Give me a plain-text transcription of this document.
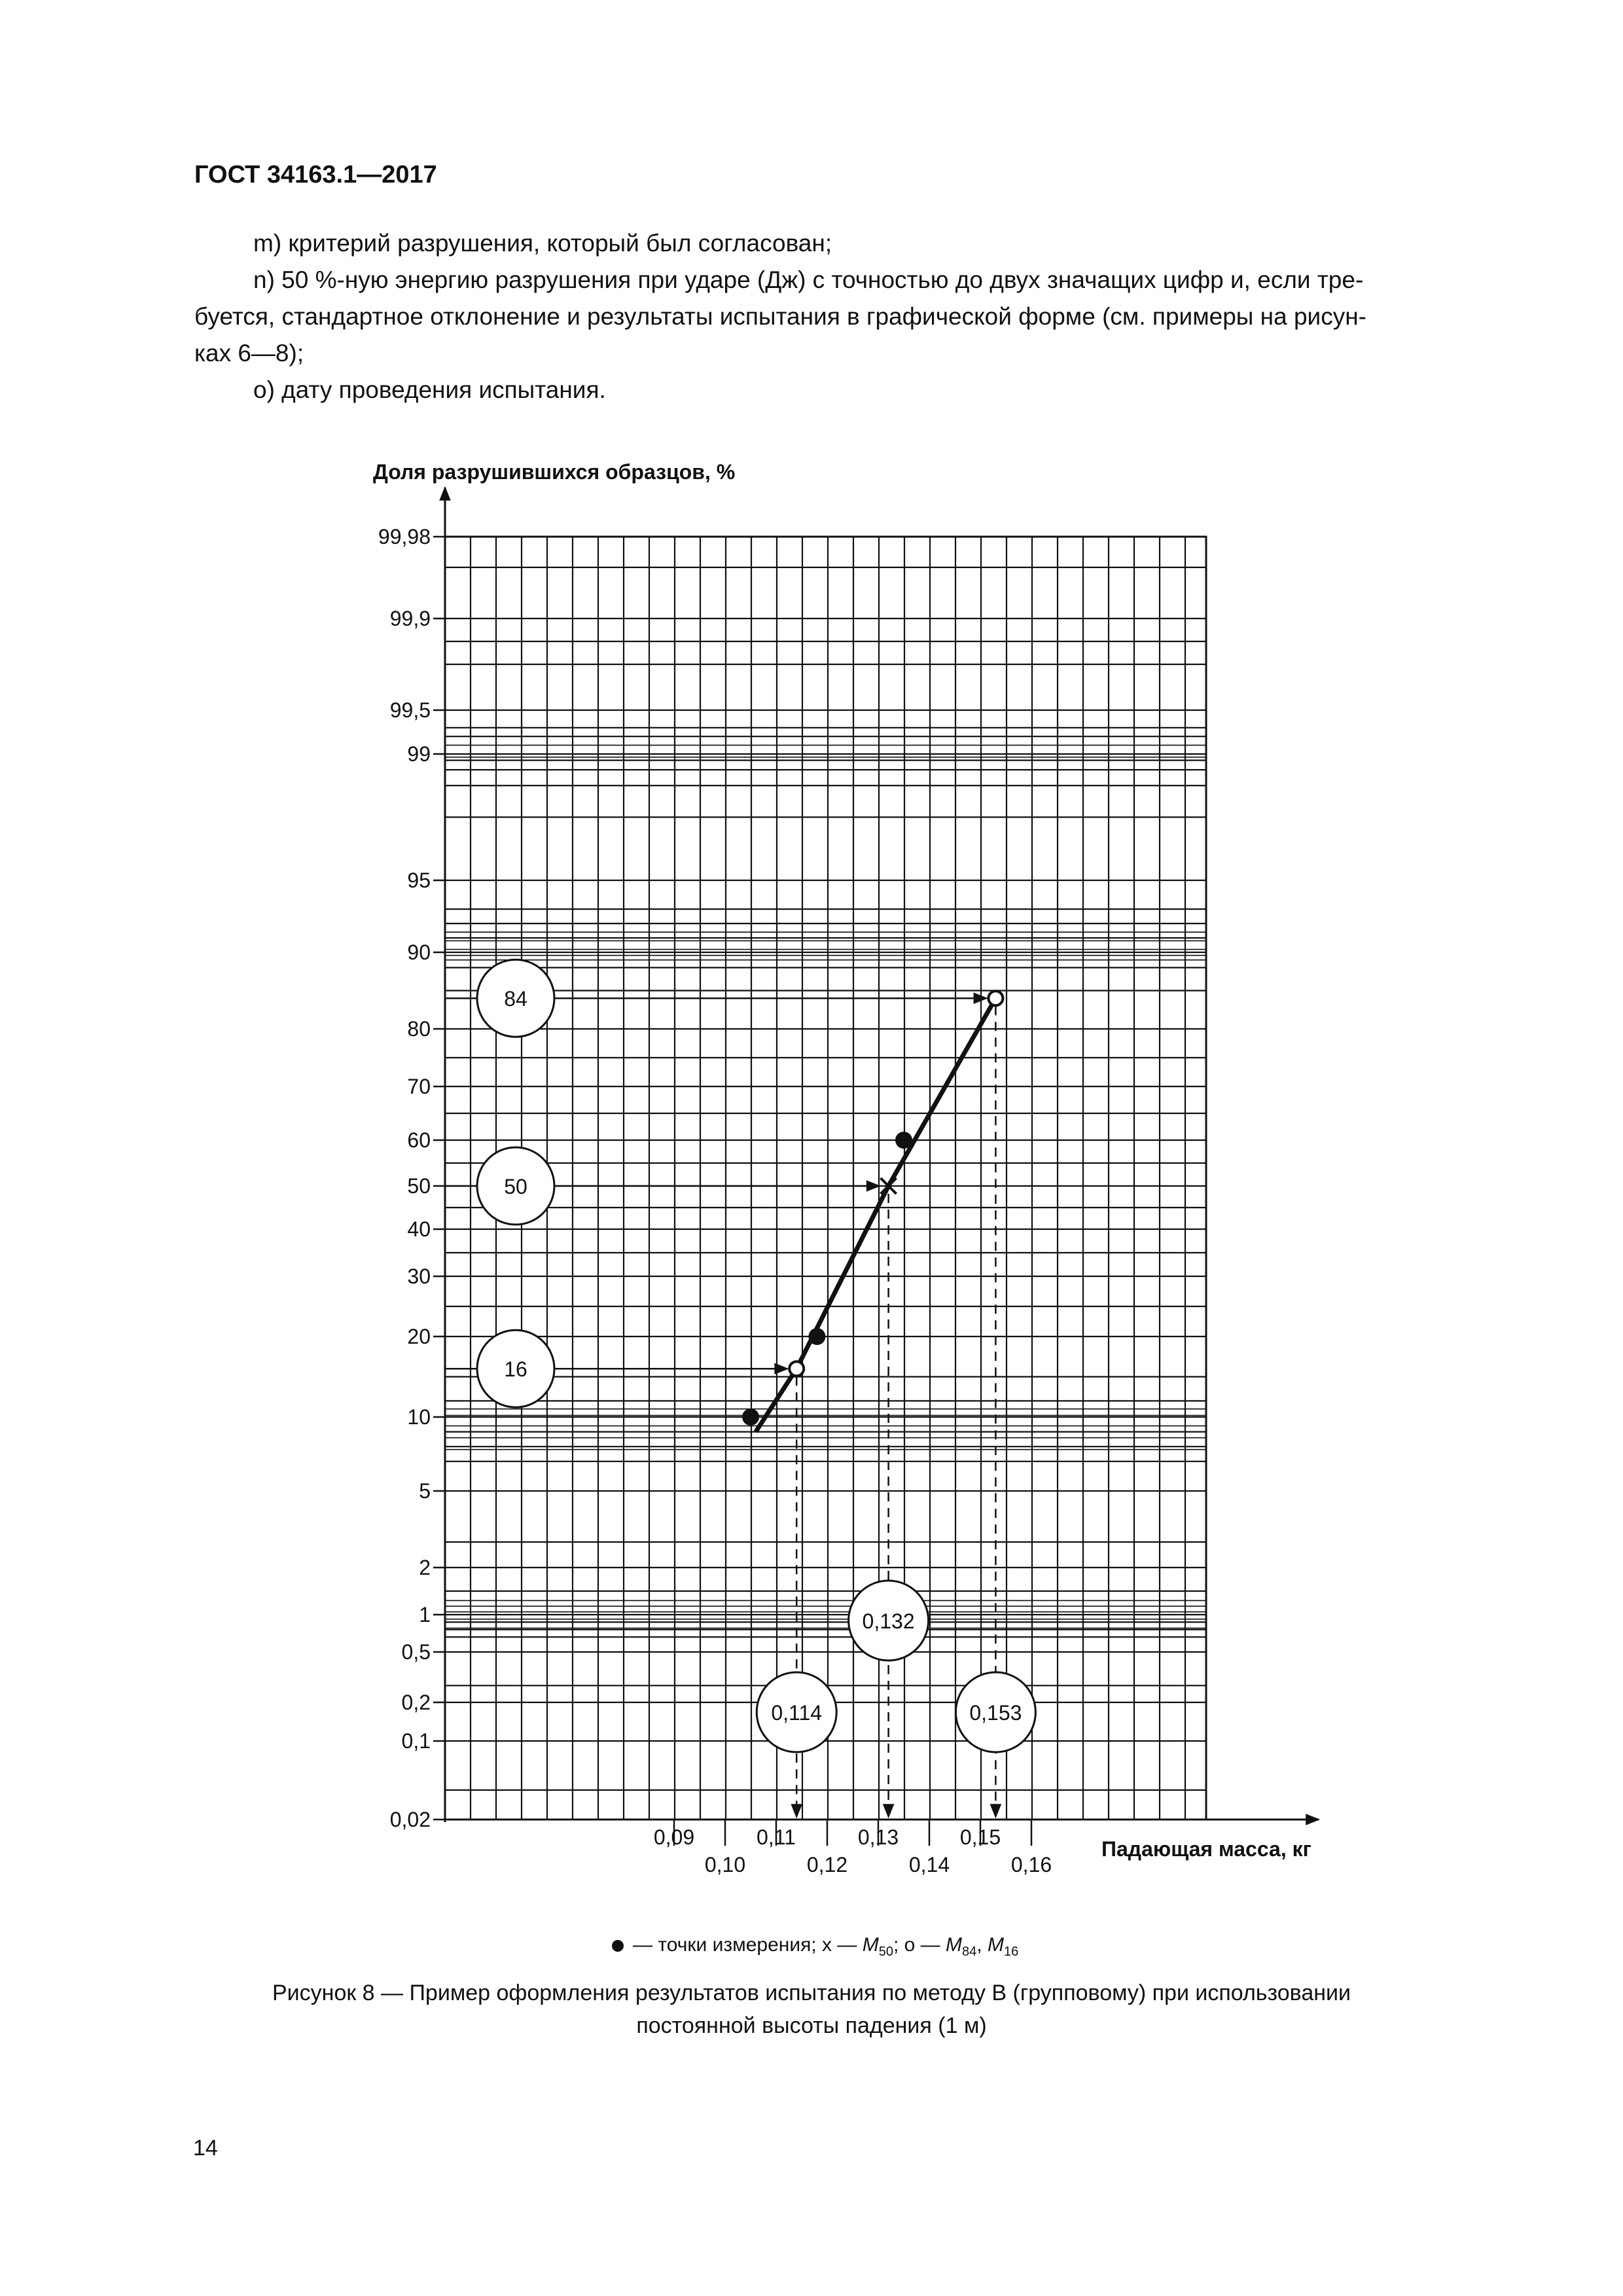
ГОСТ 34163.1—2017
m) критерий разрушения, который был согласован;
n) 50 %-ную энергию разрушения при ударе (Дж) с точностью до двух значащих цифр и, если тре-
буется, стандартное отклонение и результаты испытания в графической форме (см. примеры на рисун-
ках 6—8);
o) дату проведения испытания.
99,98
99,9
99,5
99
95
90
80
70
60
50
40
30
20
10
5
2
1
0,5
0,2
0,1
0,02
0,09	0,11	0,13	0,15
0,10	0,12	0,14	0,16
84
50
16
0,114
0,132
0,153
Доля разрушившихся образцов, %
Падающая масса, кг
— точки измерения; x — $M_{50}$; o — $M_{84}$, $M_{16}$
Рисунок 8 — Пример оформления результатов испытания по методу В (групповому) при использовании
постоянной высоты падения (1 м)
14
